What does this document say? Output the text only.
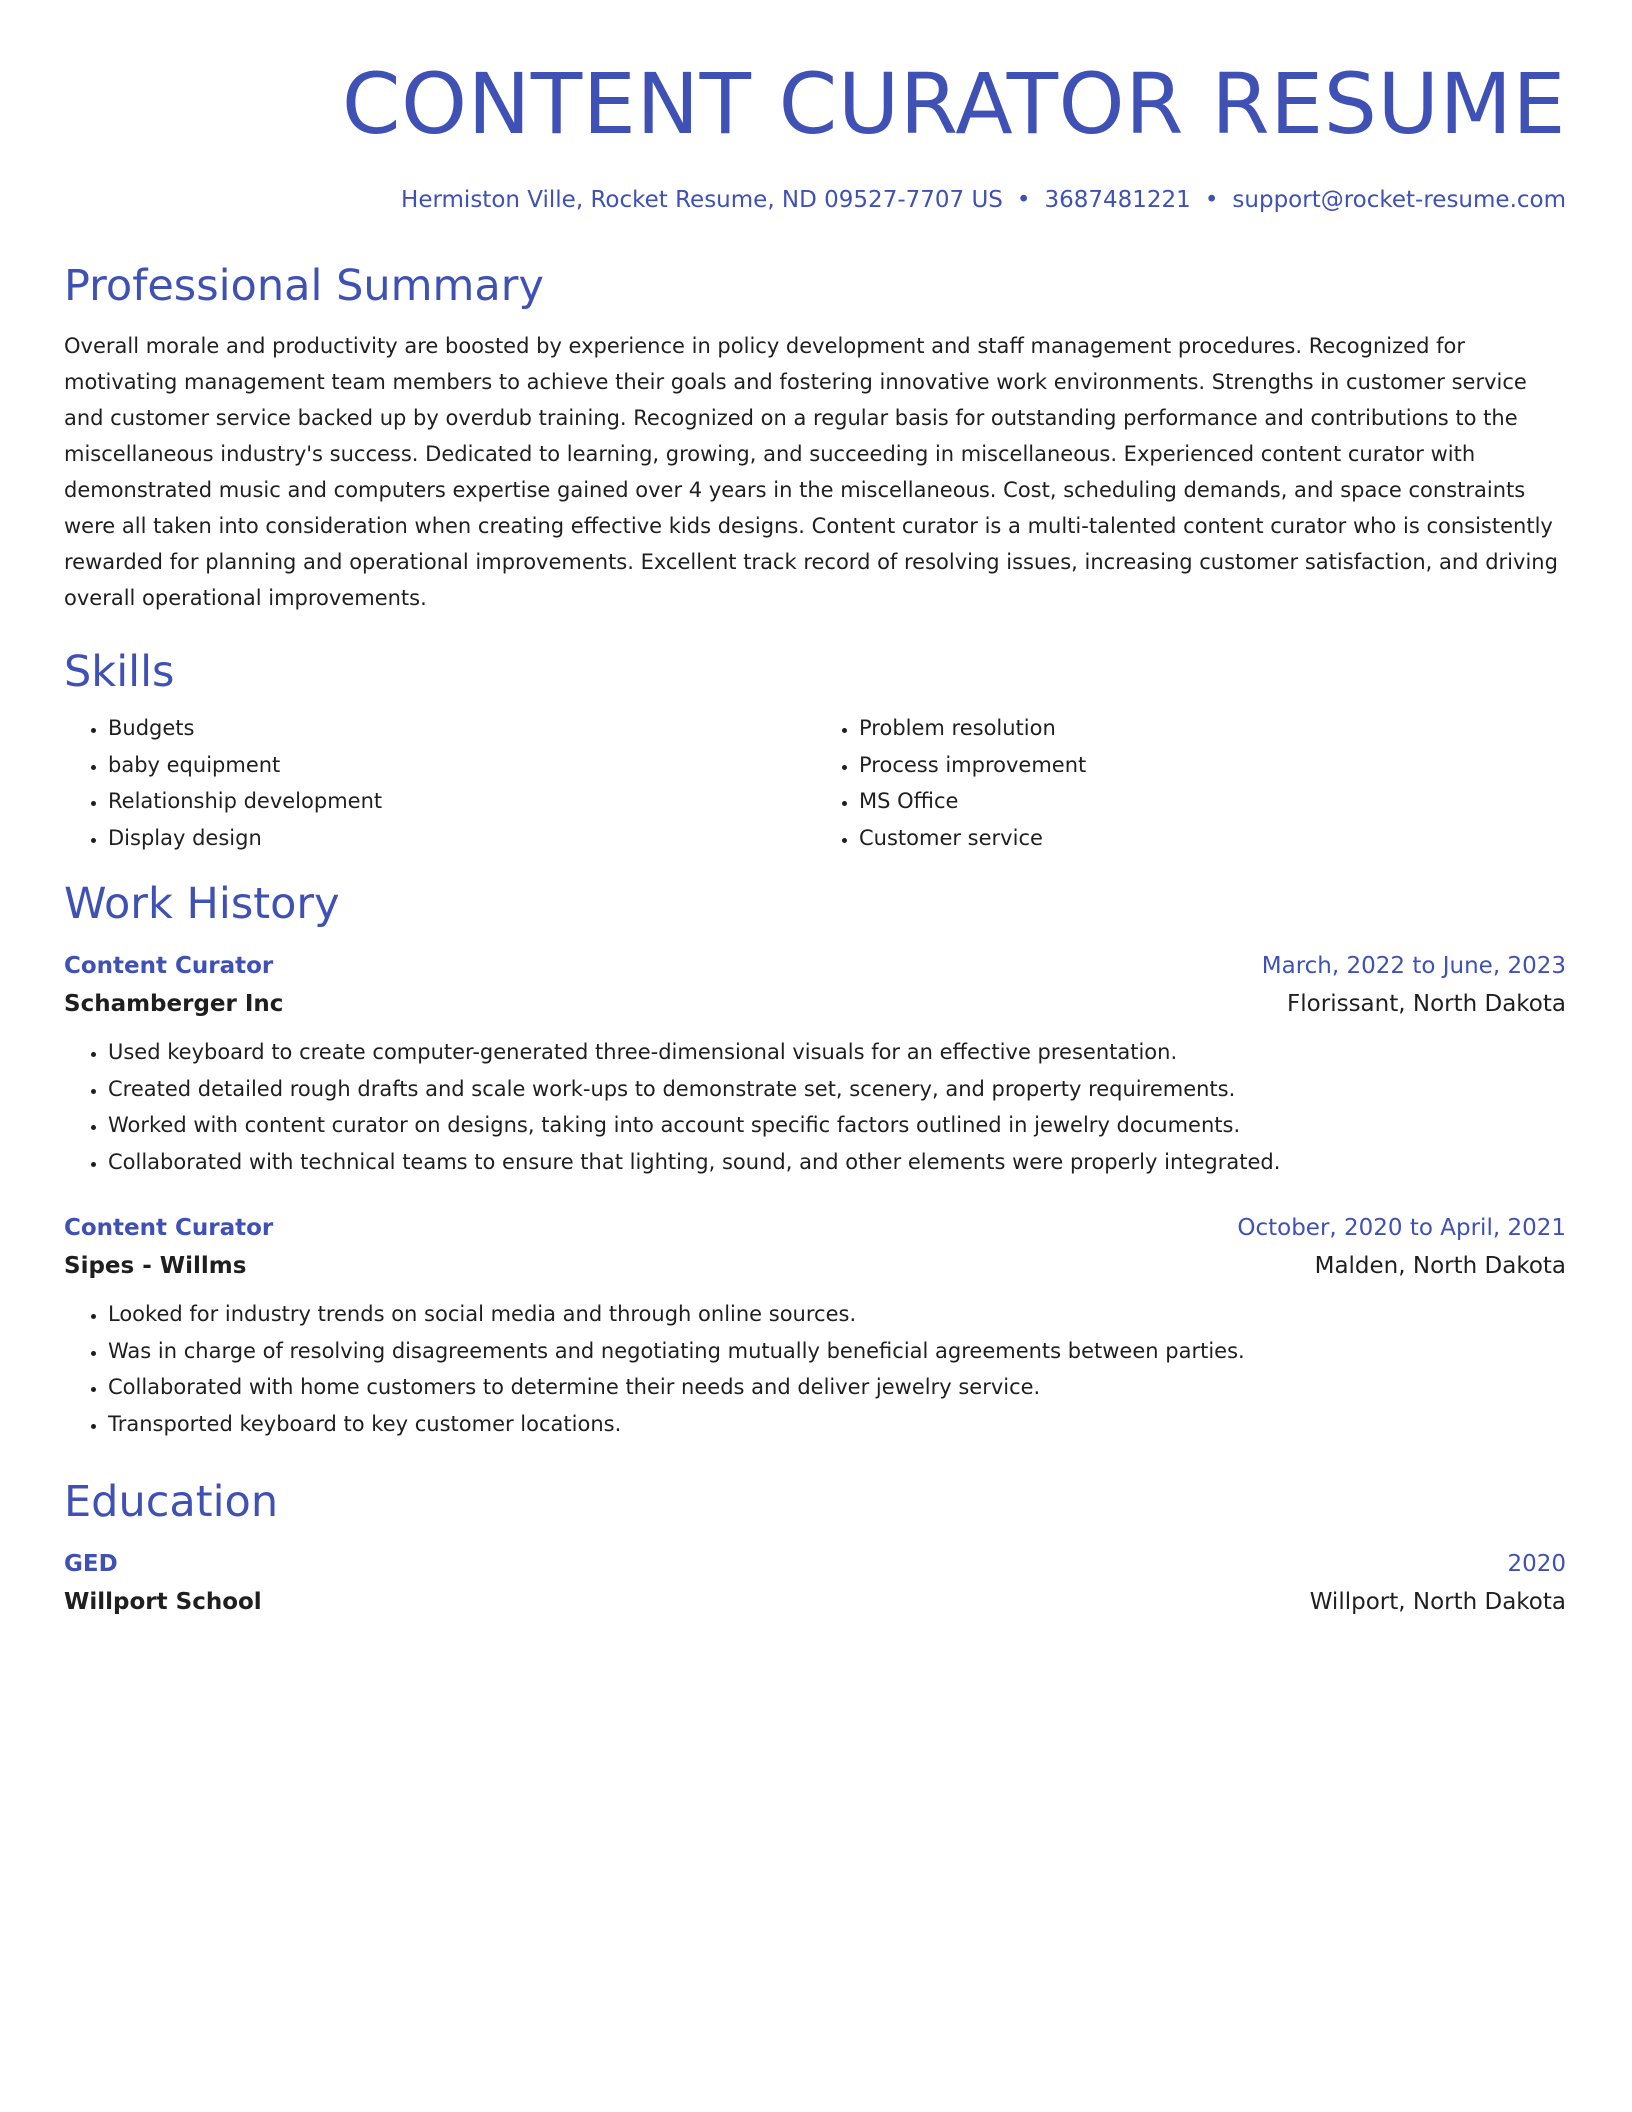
CONTENT CURATOR RESUME
Hermiston Ville, Rocket Resume, ND 09527-7707 US • 3687481221 • support@rocket-resume.com
Professional Summary

Overall morale and productivity are boosted by experience in policy development and staff management procedures. Recognized for motivating management team members to achieve their goals and fostering innovative work environments. Strengths in customer service and customer service backed up by overdub training. Recognized on a regular basis for outstanding performance and contributions to the miscellaneous industry's success. Dedicated to learning, growing, and succeeding in miscellaneous. Experienced content curator with demonstrated music and computers expertise gained over 4 years in the miscellaneous. Cost, scheduling demands, and space constraints were all taken into consideration when creating effective kids designs. Content curator is a multi-talented content curator who is consistently rewarded for planning and operational improvements. Excellent track record of resolving issues, increasing customer satisfaction, and driving overall operational improvements.

Skills
• Budgets
• baby equipment
• Relationship development
• Display design
• Problem resolution
• Process improvement
• MS Office
• Customer service
Work History
Content Curator	March, 2022 to June, 2023
Schamberger Inc	Florissant, North Dakota
• Used keyboard to create computer-generated three-dimensional visuals for an effective presentation.
• Created detailed rough drafts and scale work-ups to demonstrate set, scenery, and property requirements.
• Worked with content curator on designs, taking into account specific factors outlined in jewelry documents.
• Collaborated with technical teams to ensure that lighting, sound, and other elements were properly integrated.
Content Curator	October, 2020 to April, 2021
Sipes - Willms	Malden, North Dakota
• Looked for industry trends on social media and through online sources.
• Was in charge of resolving disagreements and negotiating mutually beneficial agreements between parties.
• Collaborated with home customers to determine their needs and deliver jewelry service.
• Transported keyboard to key customer locations.
Education
GED	2020
Willport School	Willport, North Dakota
